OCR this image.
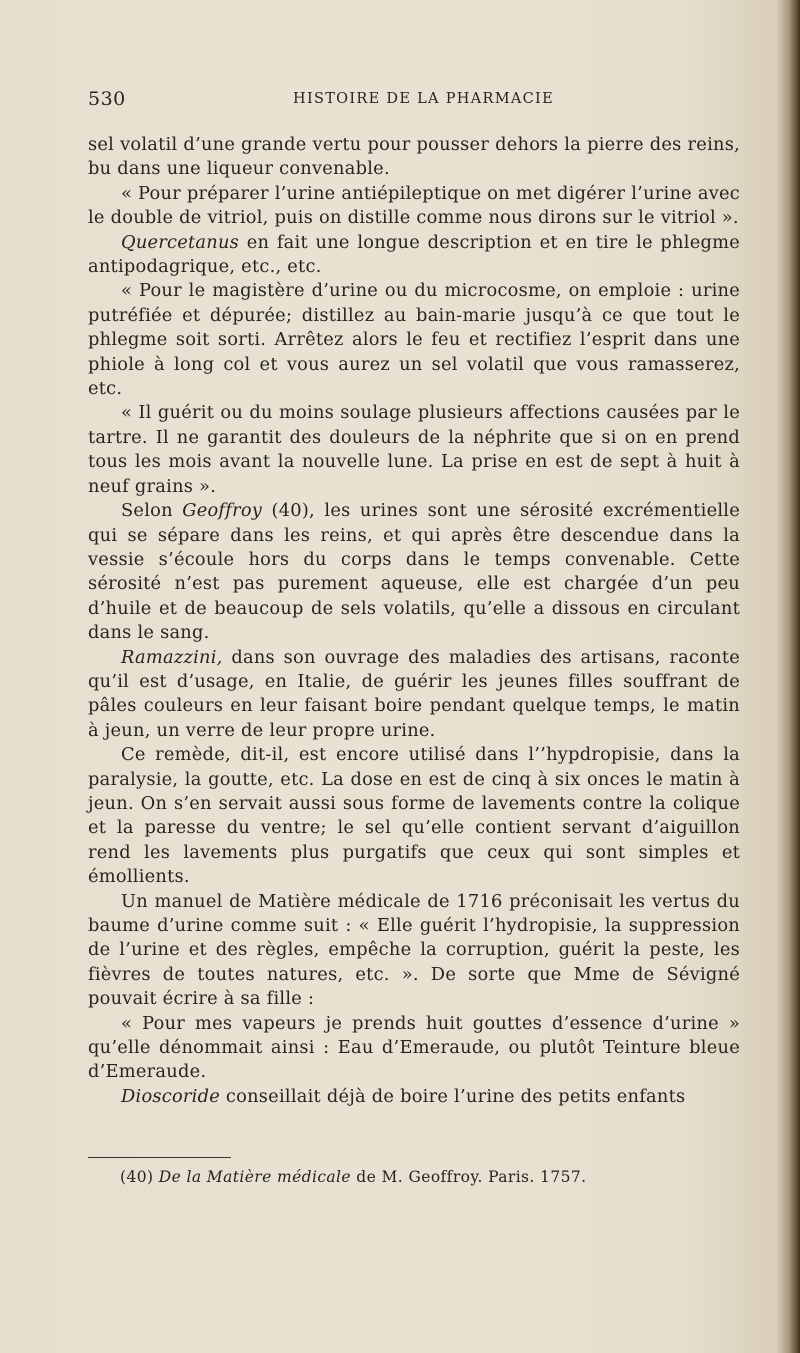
530	HISTOIRE DE LA PHARMACIE

sel volatil d’une grande vertu pour pousser dehors la pierre des reins, bu dans une liqueur convenable.

« Pour préparer l’urine antiépileptique on met digérer l’urine avec le double de vitriol, puis on distille comme nous dirons sur le vitriol ».

Quercetanus en fait une longue description et en tire le phlegme antipodagrique, etc., etc.

« Pour le magistère d’urine ou du microcosme, on emploie : urine putréfiée et dépurée; distillez au bain-marie jusqu’à ce que tout le phlegme soit sorti. Arrêtez alors le feu et rectifiez l’esprit dans une phiole à long col et vous aurez un sel volatil que vous ramasserez, etc.

« Il guérit ou du moins soulage plusieurs affections causées par le tartre. Il ne garantit des douleurs de la néphrite que si on en prend tous les mois avant la nouvelle lune. La prise en est de sept à huit à neuf grains ».

Selon Geoffroy (40), les urines sont une sérosité excrémentielle qui se sépare dans les reins, et qui après être descendue dans la vessie s’écoule hors du corps dans le temps convenable. Cette sérosité n’est pas purement aqueuse, elle est chargée d’un peu d’huile et de beaucoup de sels volatils, qu’elle a dissous en circulant dans le sang.

Ramazzini, dans son ouvrage des maladies des artisans, raconte qu’il est d’usage, en Italie, de guérir les jeunes filles souffrant de pâles couleurs en leur faisant boire pendant quelque temps, le matin à jeun, un verre de leur propre urine.

Ce remède, dit-il, est encore utilisé dans l’’hypdropisie, dans la paralysie, la goutte, etc. La dose en est de cinq à six onces le matin à jeun. On s’en servait aussi sous forme de lavements contre la colique et la paresse du ventre; le sel qu’elle contient servant d’aiguillon rend les lavements plus purgatifs que ceux qui sont simples et émollients.

Un manuel de Matière médicale de 1716 préconisait les vertus du baume d’urine comme suit : « Elle guérit l’hydropisie, la suppression de l’urine et des règles, empêche la corruption, guérit la peste, les fièvres de toutes natures, etc. ». De sorte que Mme de Sévigné pouvait écrire à sa fille :

« Pour mes vapeurs je prends huit gouttes d’essence d’urine » qu’elle dénommait ainsi : Eau d’Emeraude, ou plutôt Teinture bleue d’Emeraude.

Dioscoride conseillait déjà de boire l’urine des petits enfants

(40) De la Matière médicale de M. Geoffroy. Paris. 1757.
